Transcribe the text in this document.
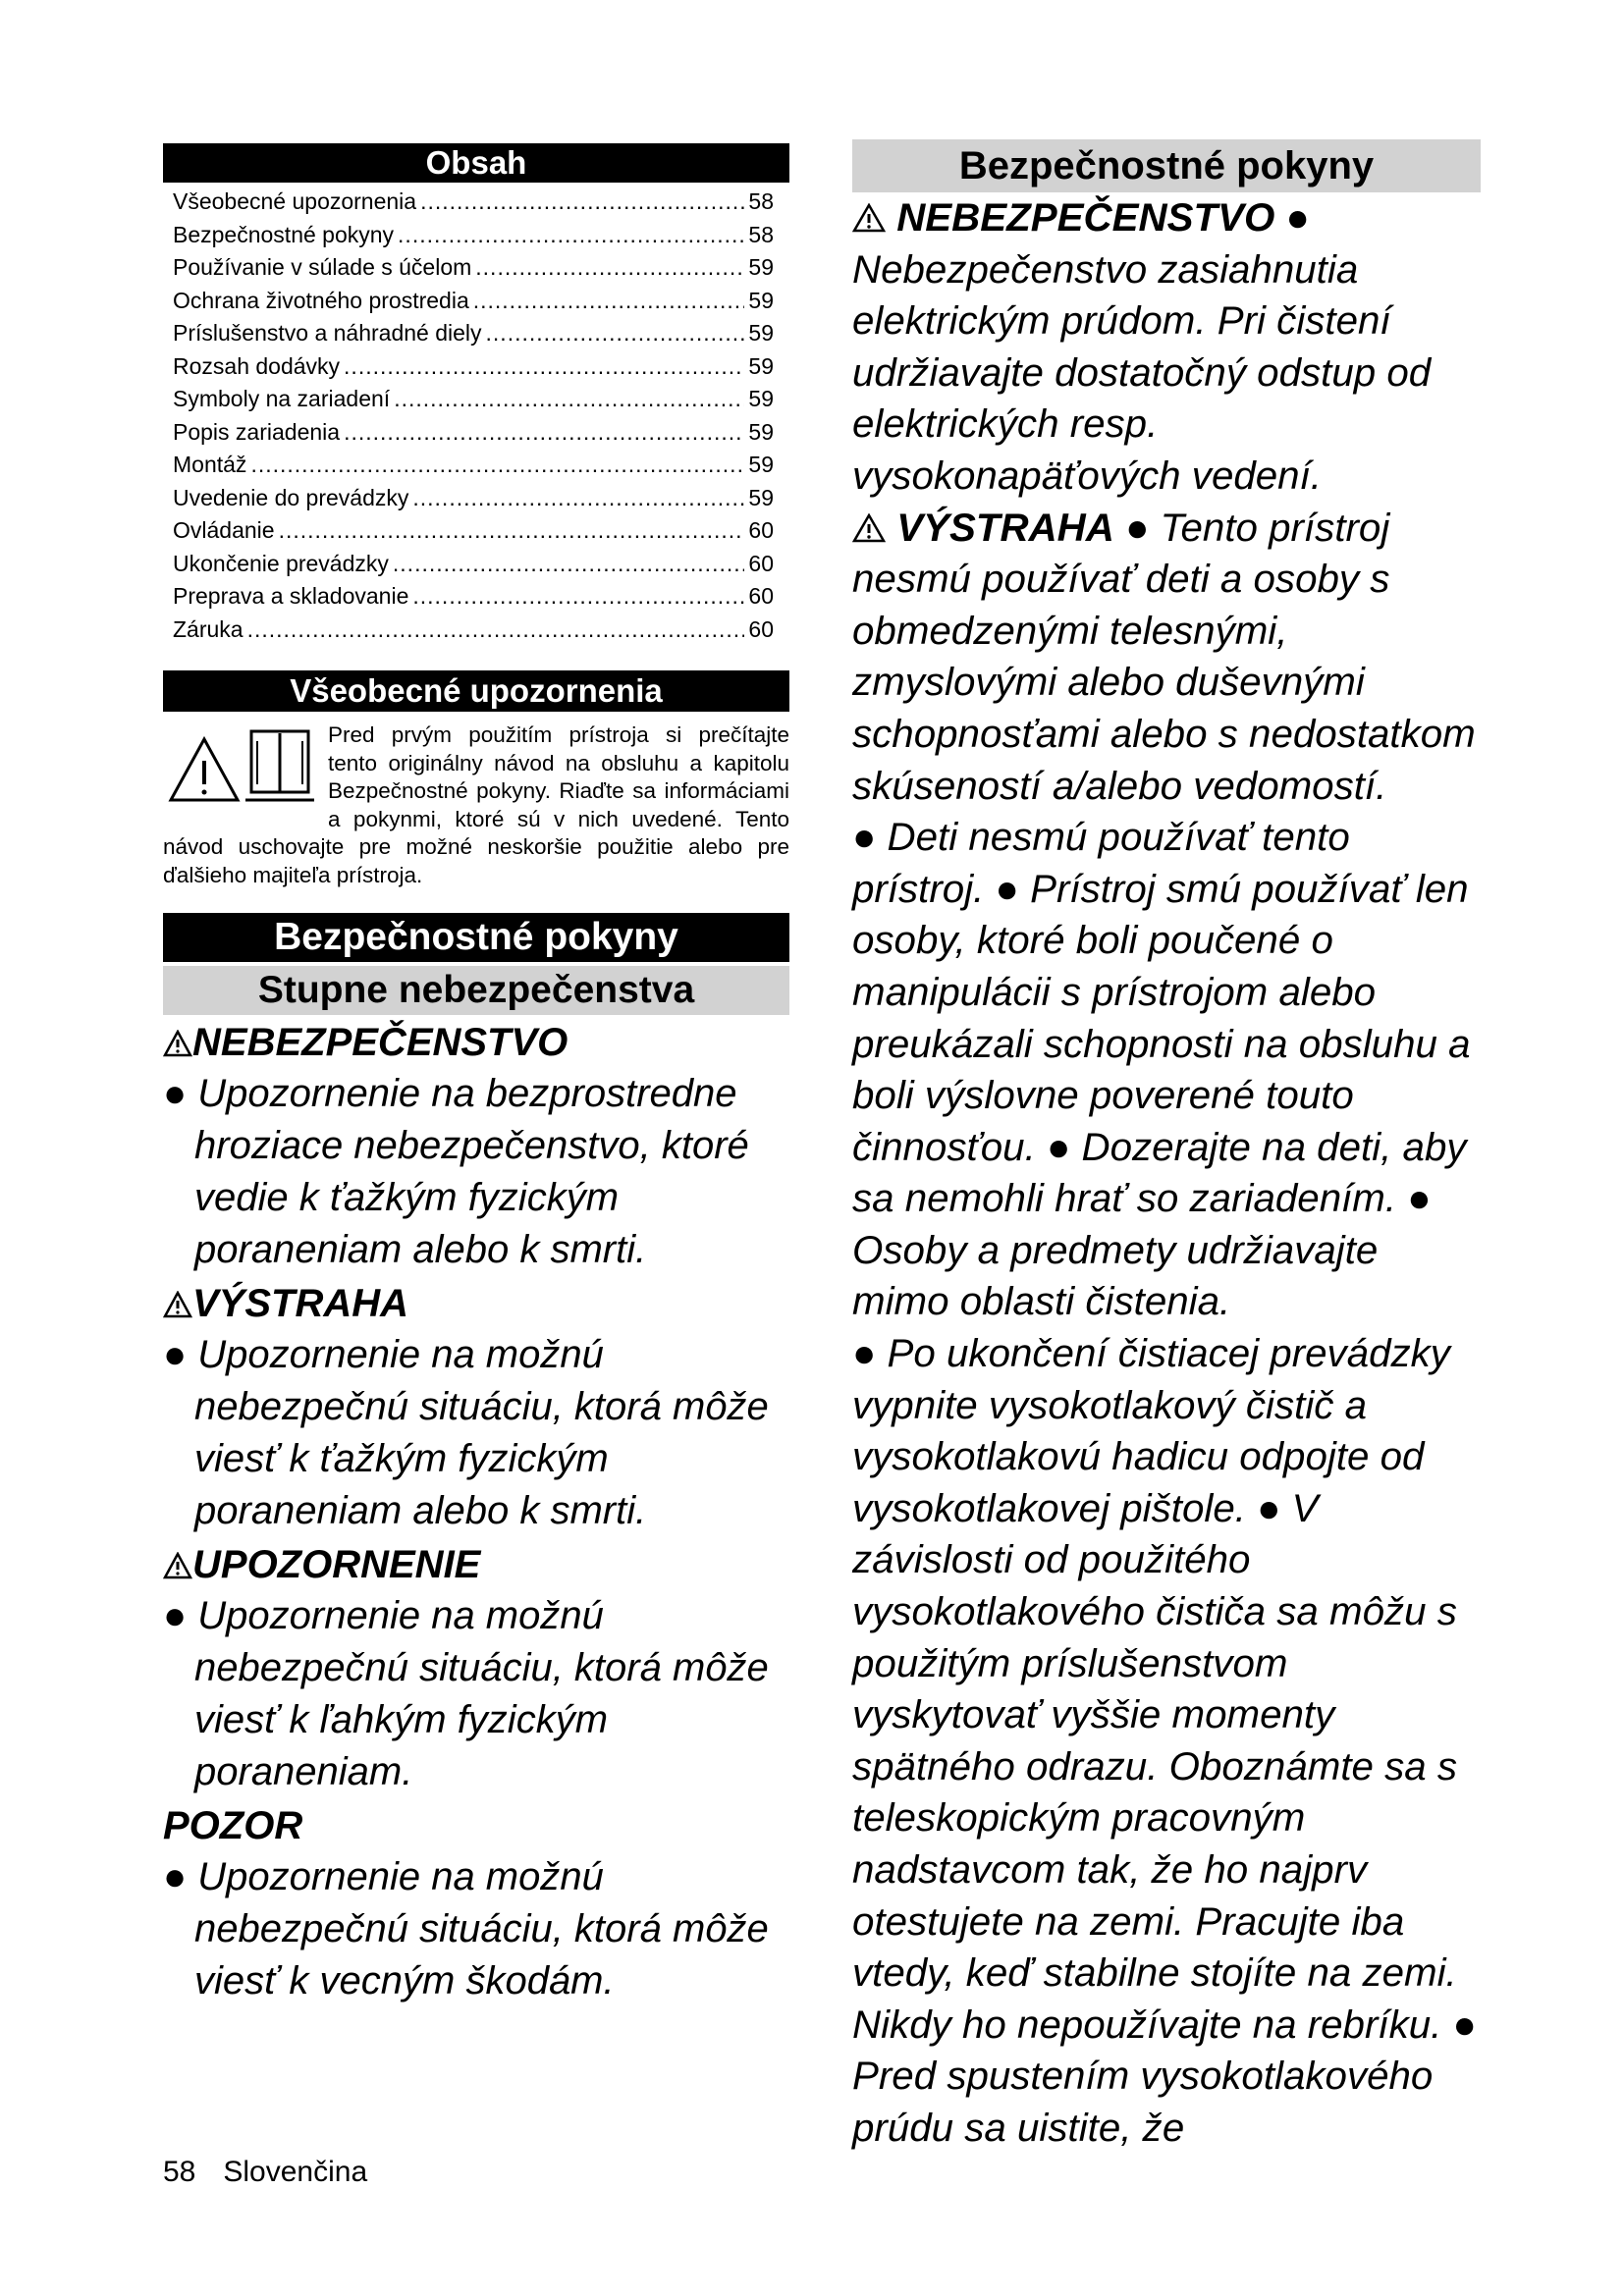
Obsah
Všeobecné upozornenia .....	58
Bezpečnostné pokyny .....	58
Používanie v súlade s účelom .....	59
Ochrana životného prostredia .....	59
Príslušenstvo a náhradné diely .....	59
Rozsah dodávky .....	59
Symboly na zariadení .....	59
Popis zariadenia .....	59
Montáž .....	59
Uvedenie do prevádzky .....	59
Ovládanie .....	60
Ukončenie prevádzky .....	60
Preprava a skladovanie .....	60
Záruka .....	60
Všeobecné upozornenia

Pred prvým použitím prístroja si prečítajte tento originálny návod na obsluhu a kapitolu Bezpečnostné pokyny. Riaďte sa informáciami a pokynmi, ktoré sú v nich uvedené. Tento návod uschovajte pre možné neskoršie použitie alebo pre ďalšieho majiteľa prístroja.

Bezpečnostné pokyny
Stupne nebezpečenstva
NEBEZPEČENSTVO

● Upozornenie na bezprostredne hroziace nebezpečenstvo, ktoré vedie k ťažkým fyzickým poraneniam alebo k smrti.

VÝSTRAHA

● Upozornenie na možnú nebezpečnú situáciu, ktorá môže viesť k ťažkým fyzickým poraneniam alebo k smrti.

UPOZORNENIE

● Upozornenie na možnú nebezpečnú situáciu, ktorá môže viesť k ľahkým fyzickým poraneniam.

POZOR

● Upozornenie na možnú nebezpečnú situáciu, ktorá môže viesť k vecným škodám.

58 Slovenčina
Bezpečnostné pokyny

NEBEZPEČENSTVO ● Nebezpečenstvo zasiahnutia elektrickým prúdom. Pri čistení udržiavajte dostatočný odstup od elektrických resp. vysokonapäťových vedení.

VÝSTRAHA ● Tento prístroj nesmú používať deti a osoby s obmedzenými telesnými, zmyslovými alebo duševnými schopnosťami alebo s nedostatkom skúseností a/alebo vedomostí.

● Deti nesmú používať tento prístroj. ● Prístroj smú používať len osoby, ktoré boli poučené o manipulácii s prístrojom alebo preukázali schopnosti na obsluhu a boli výslovne poverené touto činnosťou. ● Dozerajte na deti, aby sa nemohli hrať so zariadením. ● Osoby a predmety udržiavajte mimo oblasti čistenia.

● Po ukončení čistiacej prevádzky vypnite vysokotlakový čistič a vysokotlakovú hadicu odpojte od vysokotlakovej pištole. ● V závislosti od použitého vysokotlakového čističa sa môžu s použitým príslušenstvom vyskytovať vyššie momenty spätného odrazu. Oboznámte sa s teleskopickým pracovným nadstavcom tak, že ho najprv otestujete na zemi. Pracujte iba vtedy, keď stabilne stojíte na zemi. Nikdy ho nepoužívajte na rebríku. ● Pred spustením vysokotlakového prúdu sa uistite, že
